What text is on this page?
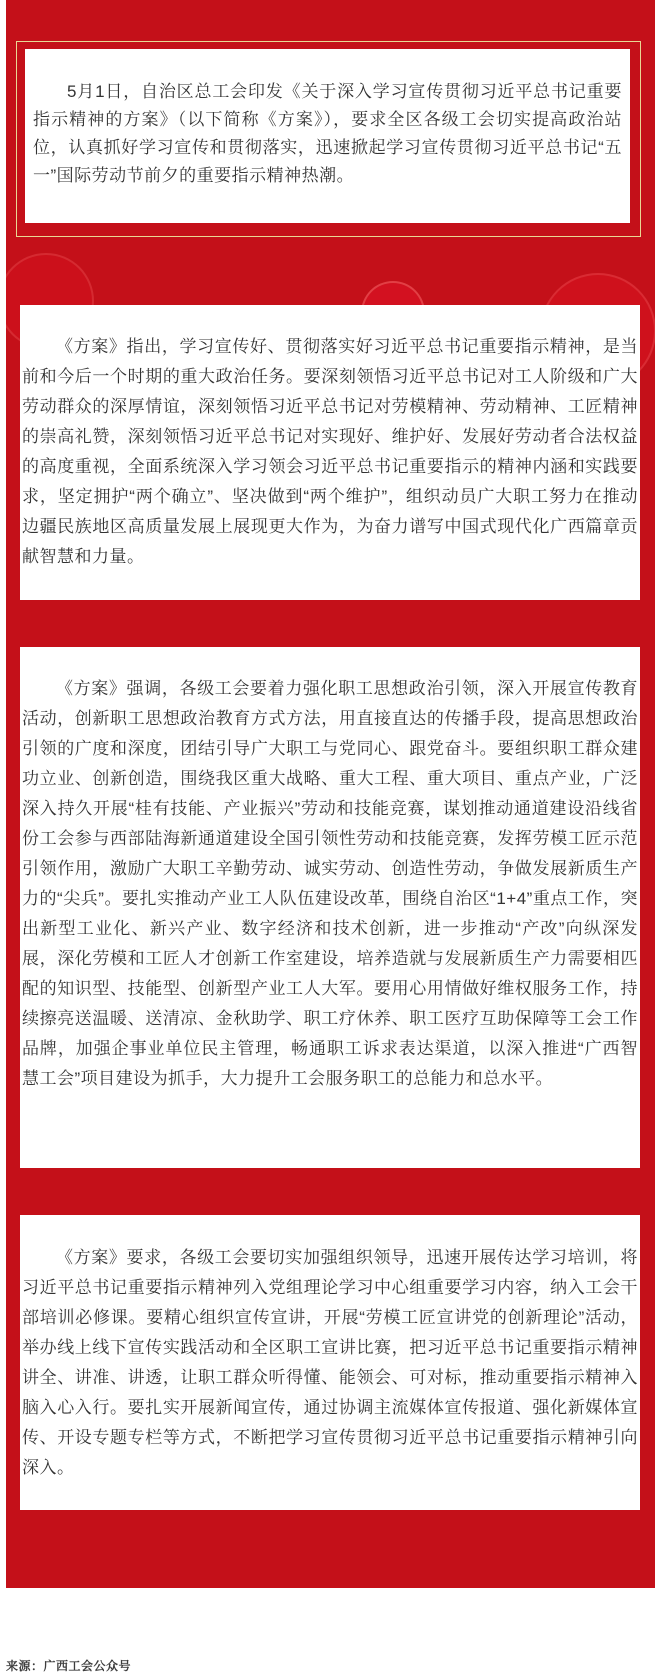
5月1日，自治区总工会印发《关于深入学习宣传贯彻习近平总书记重要指示精神的方案》（以下简称《方案》），要求全区各级工会切实提高政治站位，认真抓好学习宣传和贯彻落实，迅速掀起学习宣传贯彻习近平总书记“五一”国际劳动节前夕的重要指示精神热潮。

《方案》指出，学习宣传好、贯彻落实好习近平总书记重要指示精神，是当前和今后一个时期的重大政治任务。要深刻领悟习近平总书记对工人阶级和广大劳动群众的深厚情谊，深刻领悟习近平总书记对劳模精神、劳动精神、工匠精神的崇高礼赞，深刻领悟习近平总书记对实现好、维护好、发展好劳动者合法权益的高度重视，全面系统深入学习领会习近平总书记重要指示的精神内涵和实践要求，坚定拥护“两个确立”、坚决做到“两个维护”，组织动员广大职工努力在推动边疆民族地区高质量发展上展现更大作为，为奋力谱写中国式现代化广西篇章贡献智慧和力量。

《方案》强调，各级工会要着力强化职工思想政治引领，深入开展宣传教育活动，创新职工思想政治教育方式方法，用直接直达的传播手段，提高思想政治引领的广度和深度，团结引导广大职工与党同心、跟党奋斗。要组织职工群众建功立业、创新创造，围绕我区重大战略、重大工程、重大项目、重点产业，广泛深入持久开展“桂有技能、产业振兴”劳动和技能竞赛，谋划推动通道建设沿线省份工会参与西部陆海新通道建设全国引领性劳动和技能竞赛，发挥劳模工匠示范引领作用，激励广大职工辛勤劳动、诚实劳动、创造性劳动，争做发展新质生产力的“尖兵”。要扎实推动产业工人队伍建设改革，围绕自治区“1+4”重点工作，突出新型工业化、新兴产业、数字经济和技术创新，进一步推动“产改”向纵深发展，深化劳模和工匠人才创新工作室建设，培养造就与发展新质生产力需要相匹配的知识型、技能型、创新型产业工人大军。要用心用情做好维权服务工作，持续擦亮送温暖、送清凉、金秋助学、职工疗休养、职工医疗互助保障等工会工作品牌，加强企事业单位民主管理，畅通职工诉求表达渠道，以深入推进“广西智慧工会”项目建设为抓手，大力提升工会服务职工的总能力和总水平。

《方案》要求，各级工会要切实加强组织领导，迅速开展传达学习培训，将习近平总书记重要指示精神列入党组理论学习中心组重要学习内容，纳入工会干部培训必修课。要精心组织宣传宣讲，开展“劳模工匠宣讲党的创新理论”活动，举办线上线下宣传实践活动和全区职工宣讲比赛，把习近平总书记重要指示精神讲全、讲准、讲透，让职工群众听得懂、能领会、可对标，推动重要指示精神入脑入心入行。要扎实开展新闻宣传，通过协调主流媒体宣传报道、强化新媒体宣传、开设专题专栏等方式，不断把学习宣传贯彻习近平总书记重要指示精神引向深入。

来源：广西工会公众号
